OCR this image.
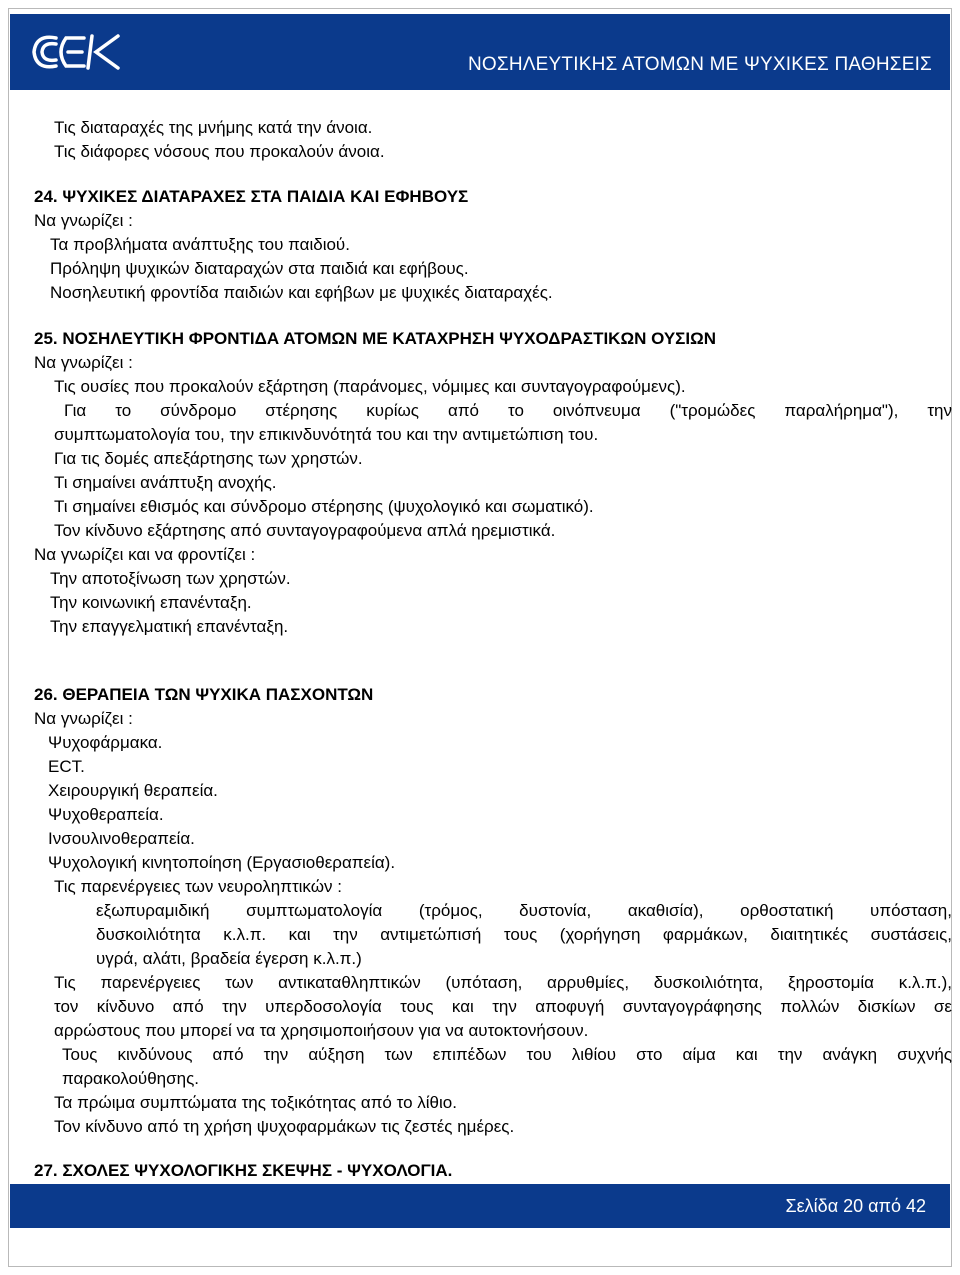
ΝΟΣΗΛΕΥΤΙΚΗΣ ΑΤΟΜΩΝ ΜΕ ΨΥΧΙΚΕΣ ΠΑΘΗΣΕΙΣ
Τις διαταραχές της μνήμης κατά την άνοια.
Τις διάφορες νόσους που προκαλούν άνοια.
24. ΨΥΧΙΚΕΣ ΔΙΑΤΑΡΑΧΕΣ ΣΤΑ ΠΑΙΔΙΑ ΚΑΙ ΕΦΗΒΟΥΣ
Να γνωρίζει :
Τα προβλήματα ανάπτυξης του παιδιού.
Πρόληψη ψυχικών διαταραχών στα παιδιά και εφήβους.
Νοσηλευτική φροντίδα παιδιών και εφήβων με ψυχικές διαταραχές.
25. ΝΟΣΗΛΕΥΤΙΚΗ ΦΡΟΝΤΙΔΑ ΑΤΟΜΩΝ ΜΕ ΚΑΤΑΧΡΗΣΗ ΨΥΧΟΔΡΑΣΤΙΚΩΝ ΟΥΣΙΩΝ
Να γνωρίζει :
Τις ουσίες που προκαλούν εξάρτηση (παράνομες, νόμιμες και συνταγογραφούμενς).
Για το σύνδρομο στέρησης κυρίως από το οινόπνευμα ("τρομώδες παραλήρημα"), την
συμπτωματολογία του, την επικινδυνότητά του και την αντιμετώπιση του.
Για τις δομές απεξάρτησης των χρηστών.
Τι σημαίνει ανάπτυξη ανοχής.
Τι σημαίνει εθισμός και σύνδρομο στέρησης (ψυχολογικό και σωματικό).
Τον κίνδυνο εξάρτησης από συνταγογραφούμενα απλά ηρεμιστικά.
Να γνωρίζει και να φροντίζει :
Την αποτοξίνωση των χρηστών.
Την κοινωνική επανένταξη.
Την επαγγελματική επανένταξη.
26. ΘΕΡΑΠΕΙΑ ΤΩΝ ΨΥΧΙΚΑ ΠΑΣΧΟΝΤΩΝ
Να γνωρίζει :
Ψυχοφάρμακα.
ECT.
Χειρουργική θεραπεία.
Ψυχοθεραπεία.
Ινσουλινοθεραπεία.
Ψυχολογική κινητοποίηση (Εργασιοθεραπεία).
Τις παρενέργειες των νευροληπτικών :
εξωπυραμιδική συμπτωματολογία (τρόμος, δυστονία, ακαθισία), ορθοστατική υπόσταση,
δυσκοιλιότητα κ.λ.π. και την αντιμετώπισή τους (χορήγηση φαρμάκων, διαιτητικές συστάσεις,
υγρά, αλάτι, βραδεία έγερση κ.λ.π.)
Τις παρενέργειες των αντικαταθληπτικών (υπόταση, αρρυθμίες, δυσκοιλιότητα, ξηροστομία κ.λ.π.),
τον κίνδυνο από την υπερδοσολογία τους και την αποφυγή συνταγογράφησης πολλών δισκίων σε
αρρώστους που μπορεί να τα χρησιμοποιήσουν για να αυτοκτονήσουν.
Τους κινδύνους από την αύξηση των επιπέδων του λιθίου στο αίμα και την ανάγκη συχνής
παρακολούθησης.
Τα πρώιμα συμπτώματα της τοξικότητας από το λίθιο.
Τον κίνδυνο από τη χρήση ψυχοφαρμάκων τις ζεστές ημέρες.
27. ΣΧΟΛΕΣ ΨΥΧΟΛΟΓΙΚΗΣ ΣΚΕΨΗΣ - ΨΥΧΟΛΟΓΙΑ.
Σελίδα 20 από 42
